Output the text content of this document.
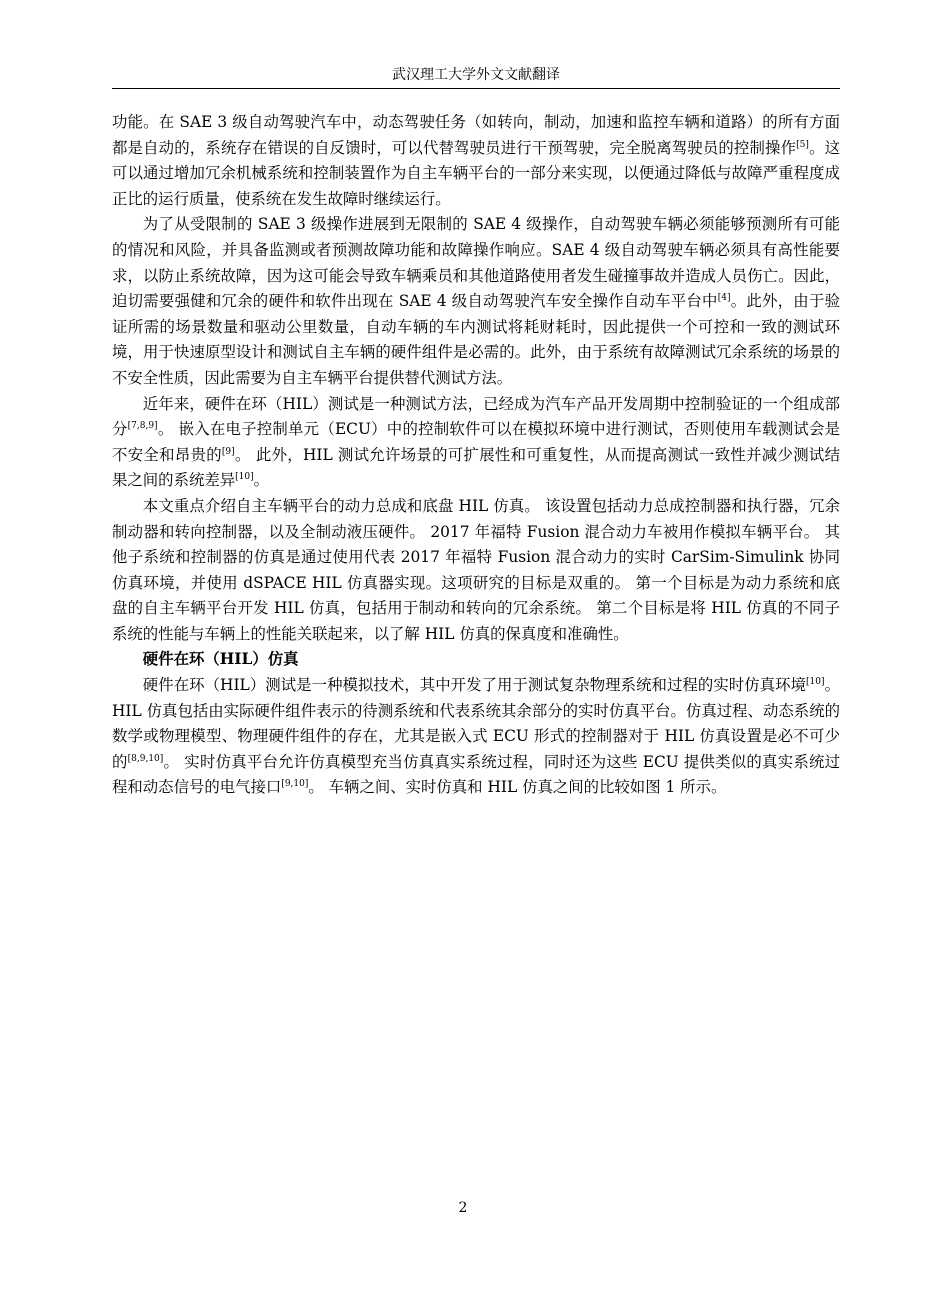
武汉理工大学外文文献翻译

功能。在 SAE 3 级自动驾驶汽车中，动态驾驶任务（如转向，制动，加速和监控车辆和道路）的所有方面都是自动的，系统存在错误的自反馈时，可以代替驾驶员进行干预驾驶，完全脱离驾驶员的控制操作[5]。这可以通过增加冗余机械系统和控制装置作为自主车辆平台的一部分来实现，以便通过降低与故障严重程度成正比的运行质量，使系统在发生故障时继续运行。

为了从受限制的 SAE 3 级操作进展到无限制的 SAE 4 级操作，自动驾驶车辆必须能够预测所有可能的情况和风险，并具备监测或者预测故障功能和故障操作响应。SAE 4 级自动驾驶车辆必须具有高性能要求，以防止系统故障，因为这可能会导致车辆乘员和其他道路使用者发生碰撞事故并造成人员伤亡。因此，迫切需要强健和冗余的硬件和软件出现在 SAE 4 级自动驾驶汽车安全操作自动车平台中[4]。此外，由于验证所需的场景数量和驱动公里数量，自动车辆的车内测试将耗财耗时，因此提供一个可控和一致的测试环境，用于快速原型设计和测试自主车辆的硬件组件是必需的。此外，由于系统有故障测试冗余系统的场景的不安全性质，因此需要为自主车辆平台提供替代测试方法。

近年来，硬件在环（HIL）测试是一种测试方法，已经成为汽车产品开发周期中控制验证的一个组成部分[7,8,9]。 嵌入在电子控制单元（ECU）中的控制软件可以在模拟环境中进行测试，否则使用车载测试会是不安全和昂贵的[9]。 此外，HIL 测试允许场景的可扩展性和可重复性，从而提高测试一致性并减少测试结果之间的系统差异[10]。

本文重点介绍自主车辆平台的动力总成和底盘 HIL 仿真。 该设置包括动力总成控制器和执行器，冗余制动器和转向控制器，以及全制动液压硬件。 2017 年福特 Fusion 混合动力车被用作模拟车辆平台。 其他子系统和控制器的仿真是通过使用代表 2017 年福特 Fusion 混合动力的实时 CarSim-Simulink 协同仿真环境，并使用 dSPACE HIL 仿真器实现。这项研究的目标是双重的。 第一个目标是为动力系统和底盘的自主车辆平台开发 HIL 仿真，包括用于制动和转向的冗余系统。 第二个目标是将 HIL 仿真的不同子系统的性能与车辆上的性能关联起来，以了解 HIL 仿真的保真度和准确性。

硬件在环（HIL）仿真

硬件在环（HIL）测试是一种模拟技术，其中开发了用于测试复杂物理系统和过程的实时仿真环境[10]。 HIL 仿真包括由实际硬件组件表示的待测系统和代表系统其余部分的实时仿真平台。仿真过程、动态系统的数学或物理模型、物理硬件组件的存在，尤其是嵌入式 ECU 形式的控制器对于 HIL 仿真设置是必不可少的[8,9,10]。 实时仿真平台允许仿真模型充当仿真真实系统过程，同时还为这些 ECU 提供类似的真实系统过程和动态信号的电气接口[9,10]。 车辆之间、实时仿真和 HIL 仿真之间的比较如图 1 所示。

2
